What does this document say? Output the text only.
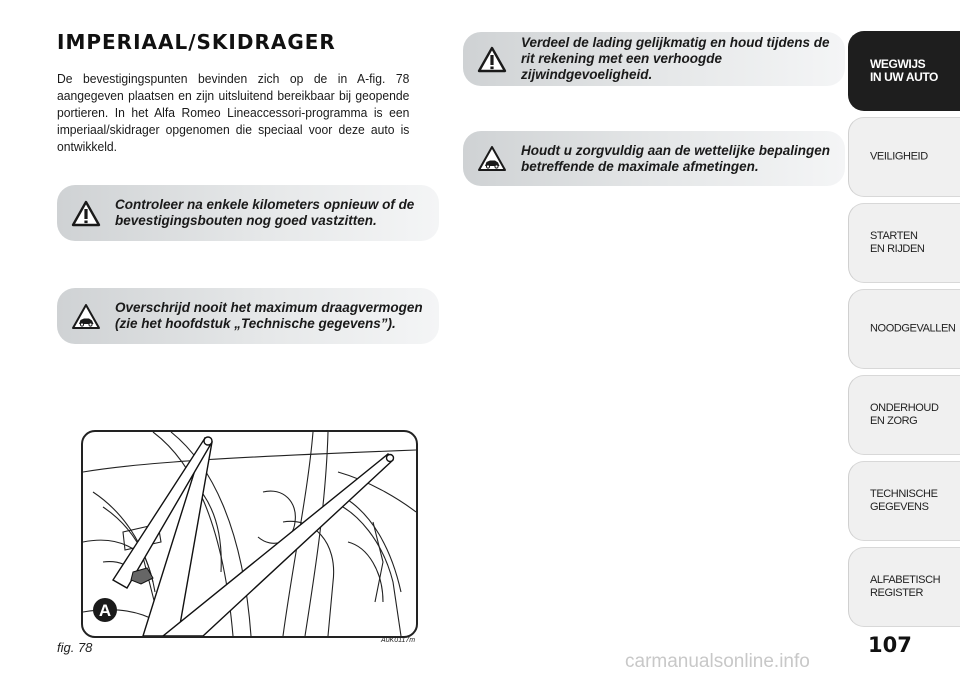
IMPERIAAL/SKIDRAGER
De bevestigingspunten bevinden zich op de in A-fig. 78 aangegeven plaatsen en zijn uitsluitend bereikbaar bij geopende portieren. In het Alfa Romeo Lineaccessori-programma is een imperiaal/skidrager opgenomen die speciaal voor deze auto is ontwikkeld.
Controleer na enkele kilometers opnieuw of de bevestigingsbouten nog goed vastzitten.
Overschrijd nooit het maximum draagvermogen (zie het hoofdstuk „Technische gegevens”).
Verdeel de lading gelijkmatig en houd tijdens de rit rekening met een verhoogde zijwindgevoeligheid.
Houdt u zorgvuldig aan de wettelijke bepalingen betreffende de maximale afmetingen.
A
fig. 78	A0K0117m	107
carmanualsonline.info
WEGWIJS
IN UW AUTO
VEILIGHEID
STARTEN
EN RIJDEN
NOODGEVALLEN
ONDERHOUD
EN ZORG
TECHNISCHE
GEGEVENS
ALFABETISCH
REGISTER
